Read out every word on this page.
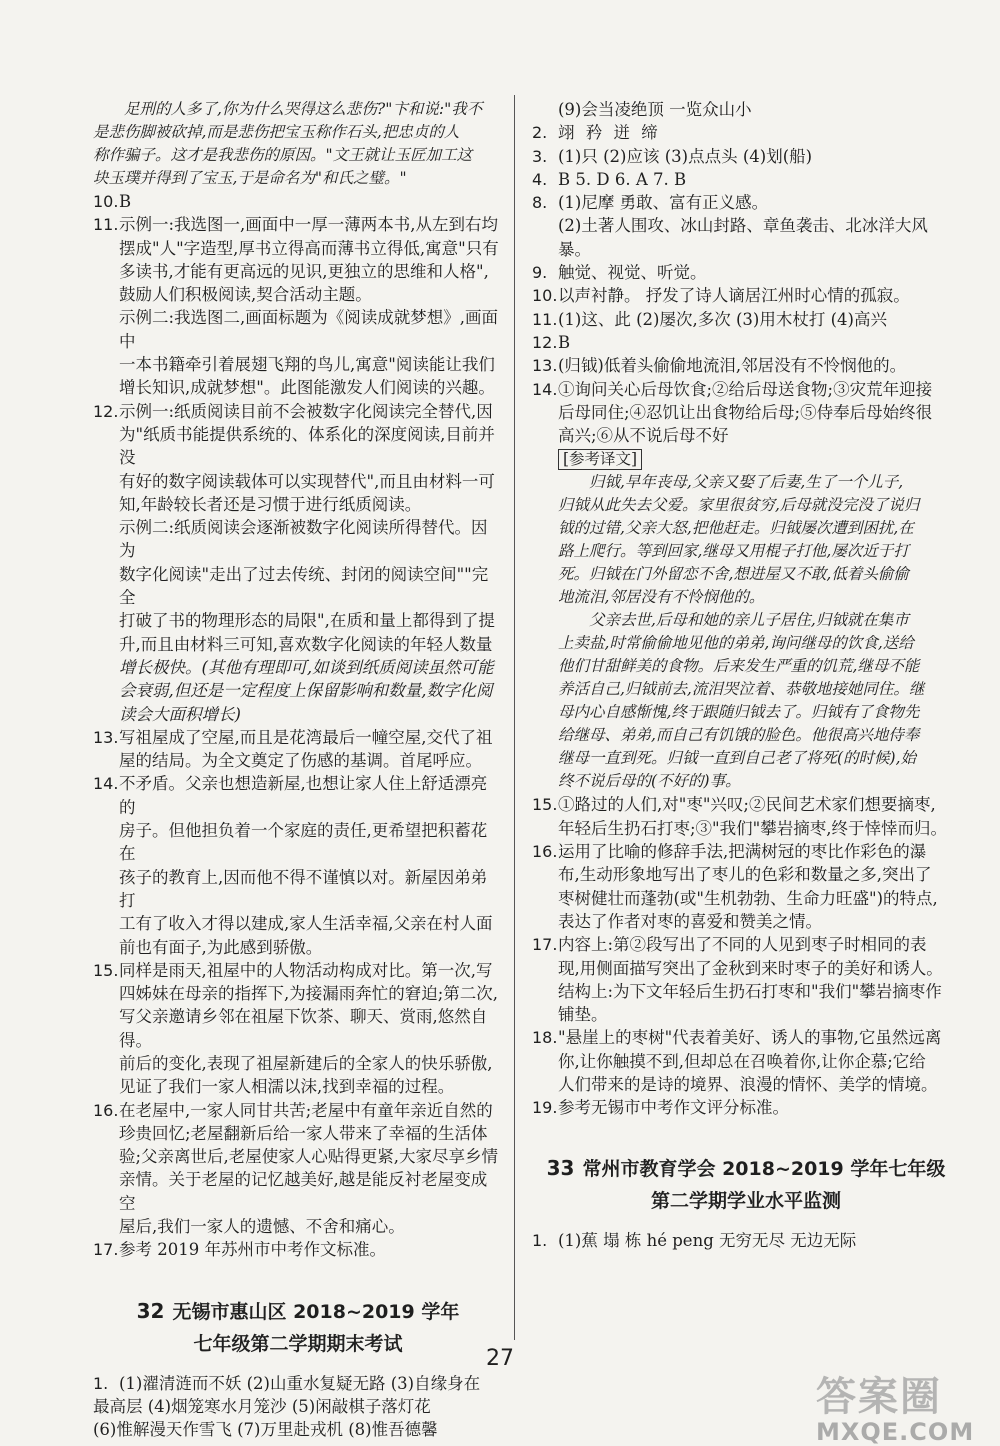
足刑的人多了,你为什么哭得这么悲伤?"卞和说:"我不
是悲伤脚被砍掉,而是悲伤把宝玉称作石头,把忠贞的人
称作骗子。这才是我悲伤的原因。"文王就让玉匠加工这
块玉璞并得到了宝玉,于是命名为"和氏之璧。"
10. B
11. 示例一:我选图一,画面中一厚一薄两本书,从左到右均
摆成"人"字造型,厚书立得高而薄书立得低,寓意"只有
多读书,才能有更高远的见识,更独立的思维和人格",
鼓励人们积极阅读,契合活动主题。
示例二:我选图二,画面标题为《阅读成就梦想》,画面中
一本书籍牵引着展翅飞翔的鸟儿,寓意"阅读能让我们
增长知识,成就梦想"。此图能激发人们阅读的兴趣。
12. 示例一:纸质阅读目前不会被数字化阅读完全替代,因
为"纸质书能提供系统的、体系化的深度阅读,目前并没
有好的数字阅读载体可以实现替代",而且由材料一可
知,年龄较长者还是习惯于进行纸质阅读。
示例二:纸质阅读会逐渐被数字化阅读所得替代。因为
数字化阅读"走出了过去传统、封闭的阅读空间""完全
打破了书的物理形态的局限",在质和量上都得到了提
升,而且由材料三可知,喜欢数字化阅读的年轻人数量
增长极快。(其他有理即可,如谈到纸质阅读虽然可能
会衰弱,但还是一定程度上保留影响和数量,数字化阅
读会大面积增长)
13. 写祖屋成了空屋,而且是花湾最后一幢空屋,交代了祖
屋的结局。为全文奠定了伤感的基调。首尾呼应。
14. 不矛盾。父亲也想造新屋,也想让家人住上舒适漂亮的
房子。但他担负着一个家庭的责任,更希望把积蓄花在
孩子的教育上,因而他不得不谨慎以对。新屋因弟弟打
工有了收入才得以建成,家人生活幸福,父亲在村人面
前也有面子,为此感到骄傲。
15. 同样是雨天,祖屋中的人物活动构成对比。第一次,写
四姊妹在母亲的指挥下,为接漏雨奔忙的窘迫;第二次,
写父亲邀请乡邻在祖屋下饮茶、聊天、赏雨,悠然自得。
前后的变化,表现了祖屋新建后的全家人的快乐骄傲,
见证了我们一家人相濡以沫,找到幸福的过程。
16. 在老屋中,一家人同甘共苦;老屋中有童年亲近自然的
珍贵回忆;老屋翻新后给一家人带来了幸福的生活体
验;父亲离世后,老屋使家人心贴得更紧,大家尽享乡情
亲情。关于老屋的记忆越美好,越是能反衬老屋变成空
屋后,我们一家人的遗憾、不舍和痛心。
17. 参考 2019 年苏州市中考作文标准。
32 无锡市惠山区 2018~2019 学年
七年级第二学期期末考试
1. (1)濯清涟而不妖 (2)山重水复疑无路 (3)自缘身在
最高层 (4)烟笼寒水月笼沙 (5)闲敲棋子落灯花
(6)惟解漫天作雪飞 (7)万里赴戎机 (8)惟吾德馨
(9)会当凌绝顶 一览众山小
2. 翊 矜 迸 缔
3. (1)只 (2)应该 (3)点点头 (4)划(船)
4. B 5. D 6. A 7. B
8. (1)尼摩 勇敢、富有正义感。
(2)土著人围攻、冰山封路、章鱼袭击、北冰洋大风暴。
9. 触觉、视觉、听觉。
10. 以声衬静。 抒发了诗人谪居江州时心情的孤寂。
11. (1)这、此 (2)屡次,多次 (3)用木杖打 (4)高兴
12. B
13. (归钺)低着头偷偷地流泪,邻居没有不怜悯他的。
14. ①询问关心后母饮食;②给后母送食物;③灾荒年迎接
后母同住;④忍饥让出食物给后母;⑤侍奉后母始终很
高兴;⑥从不说后母不好
[参考译文]
归钺,早年丧母,父亲又娶了后妻,生了一个儿子,
归钺从此失去父爱。家里很贫穷,后母就没完没了说归
钺的过错,父亲大怒,把他赶走。归钺屡次遭到困扰,在
路上爬行。等到回家,继母又用棍子打他,屡次近于打
死。归钺在门外留恋不舍,想进屋又不敢,低着头偷偷
地流泪,邻居没有不怜悯他的。
父亲去世,后母和她的亲儿子居住,归钺就在集市
上卖盐,时常偷偷地见他的弟弟,询问继母的饮食,送给
他们甘甜鲜美的食物。后来发生严重的饥荒,继母不能
养活自己,归钺前去,流泪哭泣着、恭敬地接她同住。继
母内心自感惭愧,终于跟随归钺去了。归钺有了食物先
给继母、弟弟,而自己有饥饿的脸色。他很高兴地侍奉
继母一直到死。归钺一直到自己老了将死(的时候),始
终不说后母的(不好的)事。
15. ①路过的人们,对"枣"兴叹;②民间艺术家们想要摘枣,
年轻后生扔石打枣;③"我们"攀岩摘枣,终于悻悻而归。
16. 运用了比喻的修辞手法,把满树冠的枣比作彩色的瀑
布,生动形象地写出了枣儿的色彩和数量之多,突出了
枣树健壮而蓬勃(或"生机勃勃、生命力旺盛")的特点,
表达了作者对枣的喜爱和赞美之情。
17. 内容上:第②段写出了不同的人见到枣子时相同的表
现,用侧面描写突出了金秋到来时枣子的美好和诱人。
结构上:为下文年轻后生扔石打枣和"我们"攀岩摘枣作
铺垫。
18. "悬崖上的枣树"代表着美好、诱人的事物,它虽然远离
你,让你触摸不到,但却总在召唤着你,让你企慕;它给
人们带来的是诗的境界、浪漫的情怀、美学的情境。
19. 参考无锡市中考作文评分标准。
33 常州市教育学会 2018~2019 学年七年级
第二学期学业水平监测
1. (1)蕉 塌 栋 hé peng 无穷无尽 无边无际
27
答案圈
MXQE.COM
